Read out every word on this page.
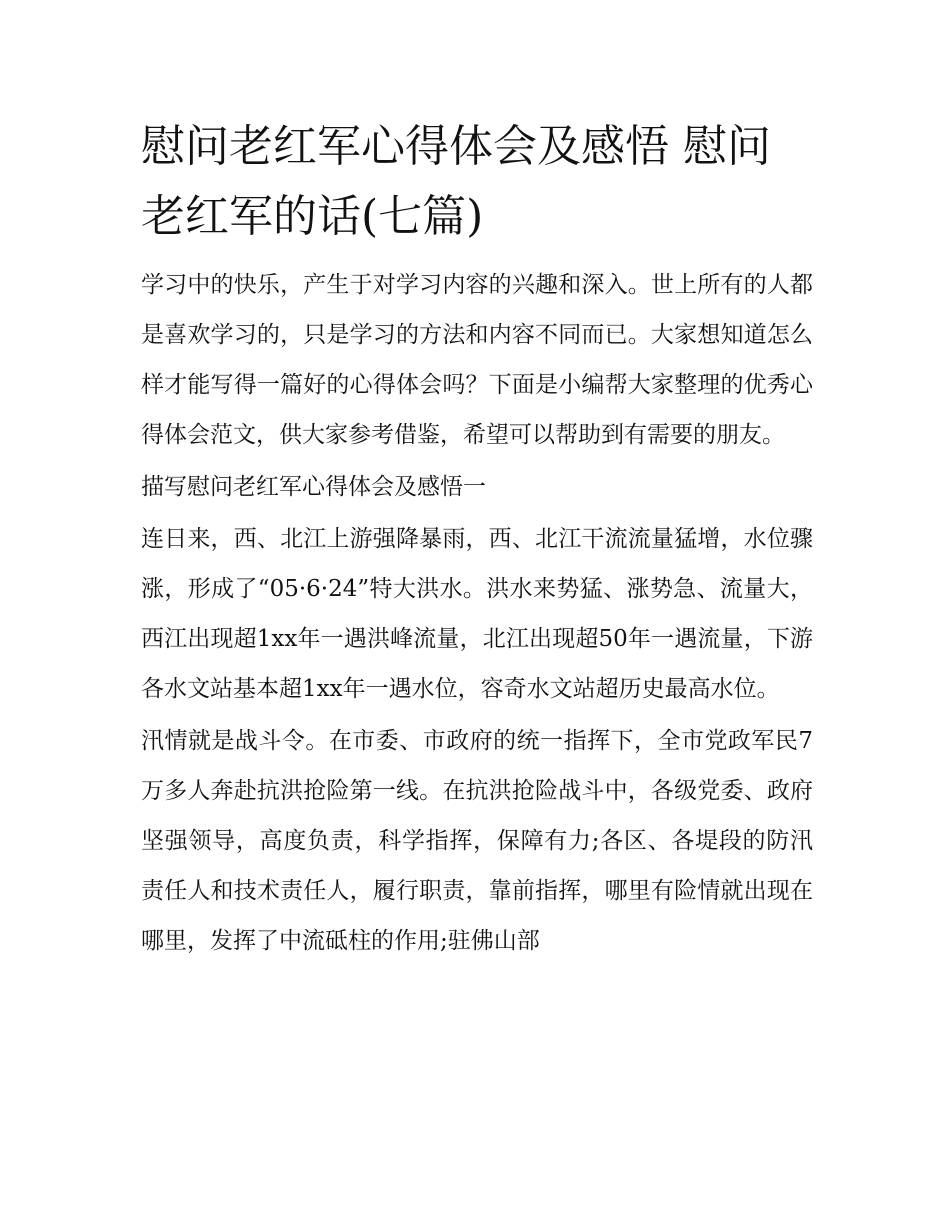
慰问老红军心得体会及感悟 慰问老红军的话(七篇)

学习中的快乐，产生于对学习内容的兴趣和深入。世上所有的人都是喜欢学习的，只是学习的方法和内容不同而已。大家想知道怎么样才能写得一篇好的心得体会吗？下面是小编帮大家整理的优秀心得体会范文，供大家参考借鉴，希望可以帮助到有需要的朋友。

描写慰问老红军心得体会及感悟一

连日来，西、北江上游强降暴雨，西、北江干流流量猛增，水位骤涨，形成了“05·6·24”特大洪水。洪水来势猛、涨势急、流量大，西江出现超1xx年一遇洪峰流量，北江出现超50年一遇流量，下游各水文站基本超1xx年一遇水位，容奇水文站超历史最高水位。

汛情就是战斗令。在市委、市政府的统一指挥下，全市党政军民7万多人奔赴抗洪抢险第一线。在抗洪抢险战斗中，各级党委、政府坚强领导，高度负责，科学指挥，保障有力;各区、各堤段的防汛责任人和技术责任人，履行职责，靠前指挥，哪里有险情就出现在哪里，发挥了中流砥柱的作用;驻佛山部
